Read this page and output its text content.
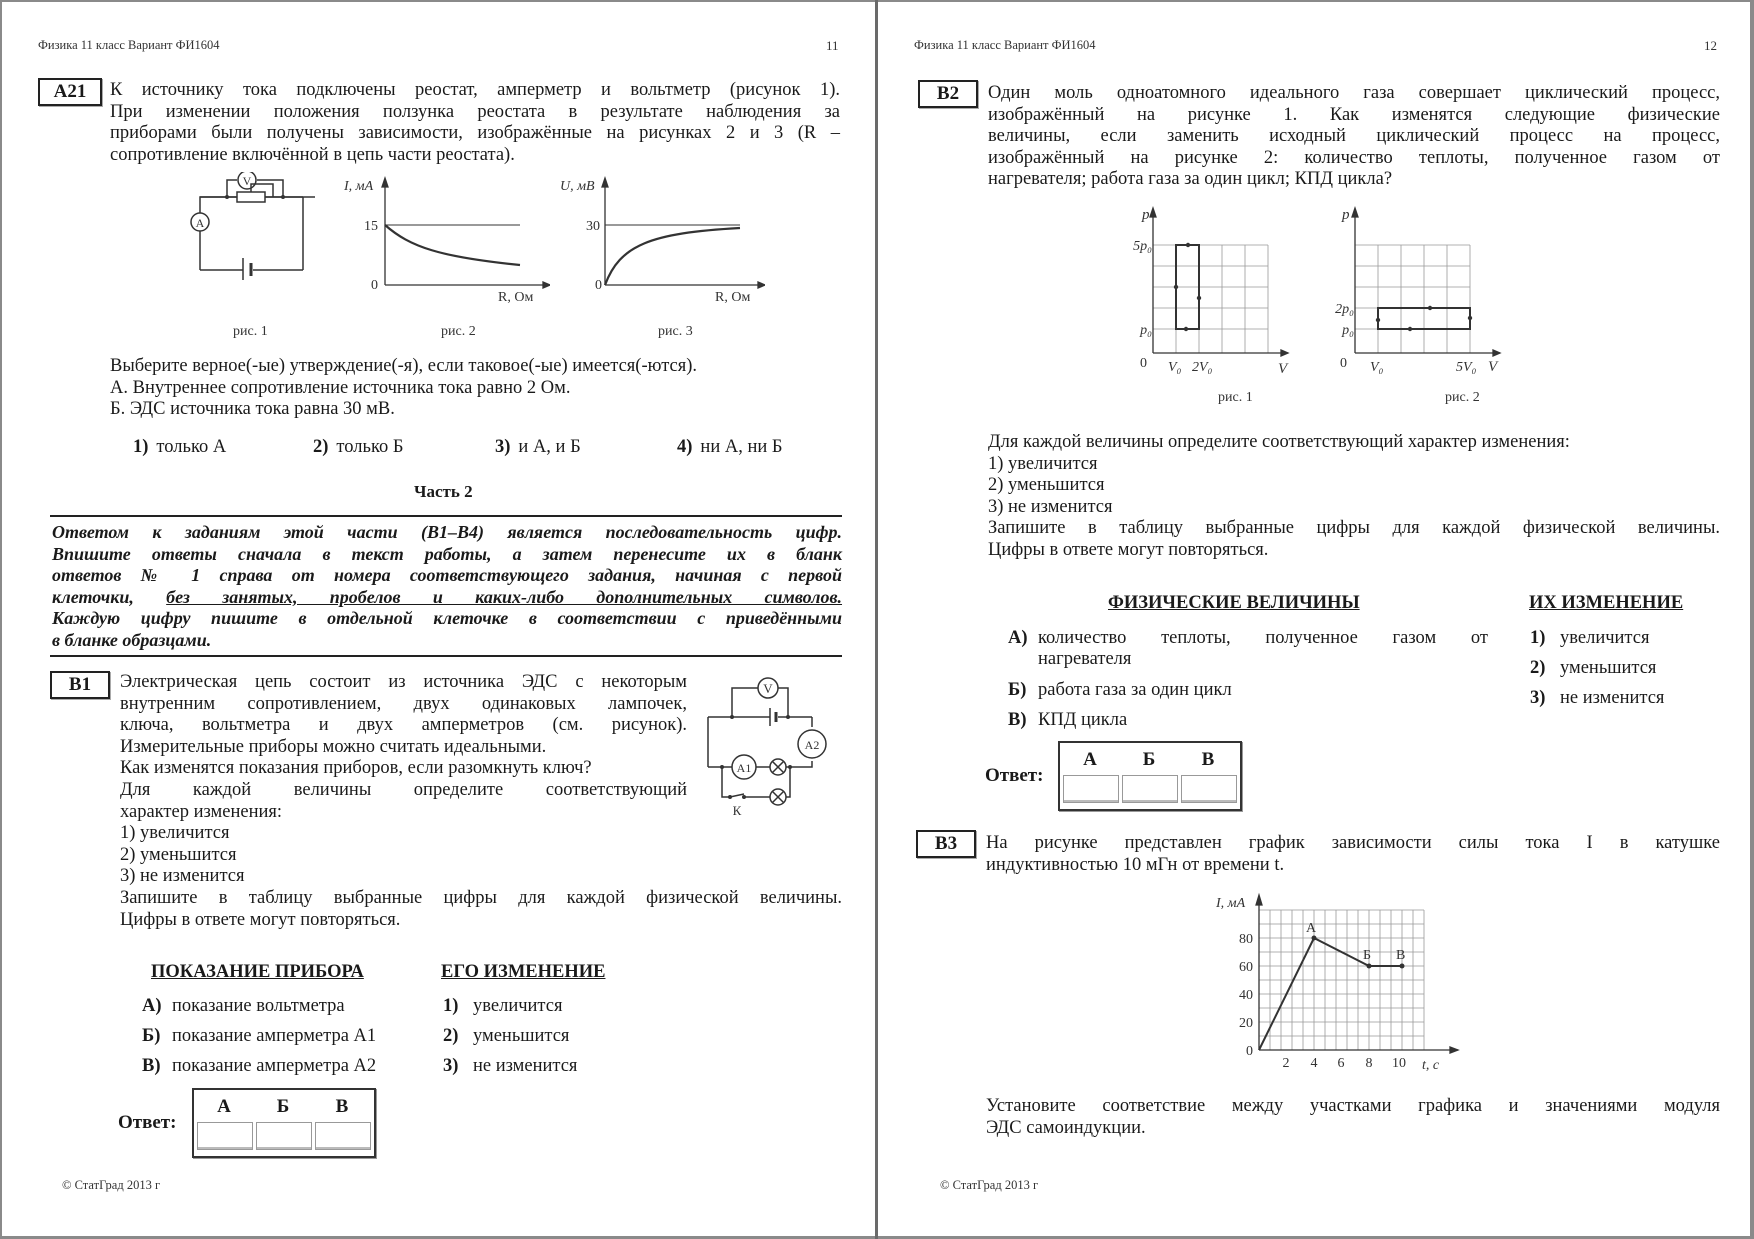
Физика 11 класс Вариант ФИ1604	11
A21	К источнику тока подключены реостат, амперметр и вольтметр (рисунок 1).
При изменении положения ползунка реостата в результате наблюдения за
приборами были получены зависимости, изображённые на рисунках 2 и 3 (R –
сопротивление включённой в цепь части реостата).
V
A
I, мА
15
0
R, Ом
U, мВ
30
0
R, Ом
рис. 1	рис. 2	рис. 3
Выберите верное(-ые) утверждение(-я), если таковое(-ые) имеется(-ются).
А. Внутреннее сопротивление источника тока равно 2 Ом.
Б. ЭДС источника тока равна 30 мВ.
1) только А	2) только Б	3) и А, и Б	4) ни А, ни Б
Часть 2
Ответом к заданиям этой части (В1–В4) является последовательность цифр.
Впишите ответы сначала в текст работы, а затем перенесите их в бланк
ответов № 1 справа от номера соответствующего задания, начиная с первой
клеточки, без занятых, пробелов и каких-либо дополнительных символов.
Каждую цифру пишите в отдельной клеточке в соответствии с приведёнными
в бланке образцами.
B1	Электрическая цепь состоит из источника ЭДС с некоторым
внутренним сопротивлением, двух одинаковых лампочек,
ключа, вольтметра и двух амперметров (см. рисунок).
Измерительные приборы можно считать идеальными.
Как изменятся показания приборов, если разомкнуть ключ?
Для каждой величины определите соответствующий
характер изменения:
1) увеличится
2) уменьшится
3) не изменится
Запишите в таблицу выбранные цифры для каждой физической величины.
Цифры в ответе могут повторяться.
V
A2
A1
К
ПОКАЗАНИЕ ПРИБОРА	ЕГО ИЗМЕНЕНИЕ
А) показание вольтметра
Б) показание амперметра А1
В) показание амперметра А2
1) увеличится
2) уменьшится
3) не изменится
Ответ:
А	Б	В
© СтатГрад 2013 г
Физика 11 класс Вариант ФИ1604	12
B2	Один моль одноатомного идеального газа совершает циклический процесс,
изображённый на рисунке 1. Как изменятся следующие физические
величины, если заменить исходный циклический процесс на процесс,
изображённый на рисунке 2: количество теплоты, полученное газом от
нагревателя; работа газа за один цикл; КПД цикла?
p
5p₀
p₀
0 V₀ 2V₀	V
рис. 1
p
2p₀
p₀
0 V₀	5V₀ V
рис. 2
Для каждой величины определите соответствующий характер изменения:
1) увеличится
2) уменьшится
3) не изменится
Запишите в таблицу выбранные цифры для каждой физической величины.
Цифры в ответе могут повторяться.
ФИЗИЧЕСКИЕ ВЕЛИЧИНЫ	ИХ ИЗМЕНЕНИЕ
А) количество теплоты, полученное газом от
нагревателя
Б) работа газа за один цикл
В) КПД цикла
1) увеличится
2) уменьшится
3) не изменится
Ответ:
А	Б	В
B3	На рисунке представлен график зависимости силы тока I в катушке
индуктивностью 10 мГн от времени t.
А
Б В
I, мА
0
20
40
60
80
2 4 6 8 10 t, с
Установите соответствие между участками графика и значениями модуля
ЭДС самоиндукции.
© СтатГрад 2013 г
